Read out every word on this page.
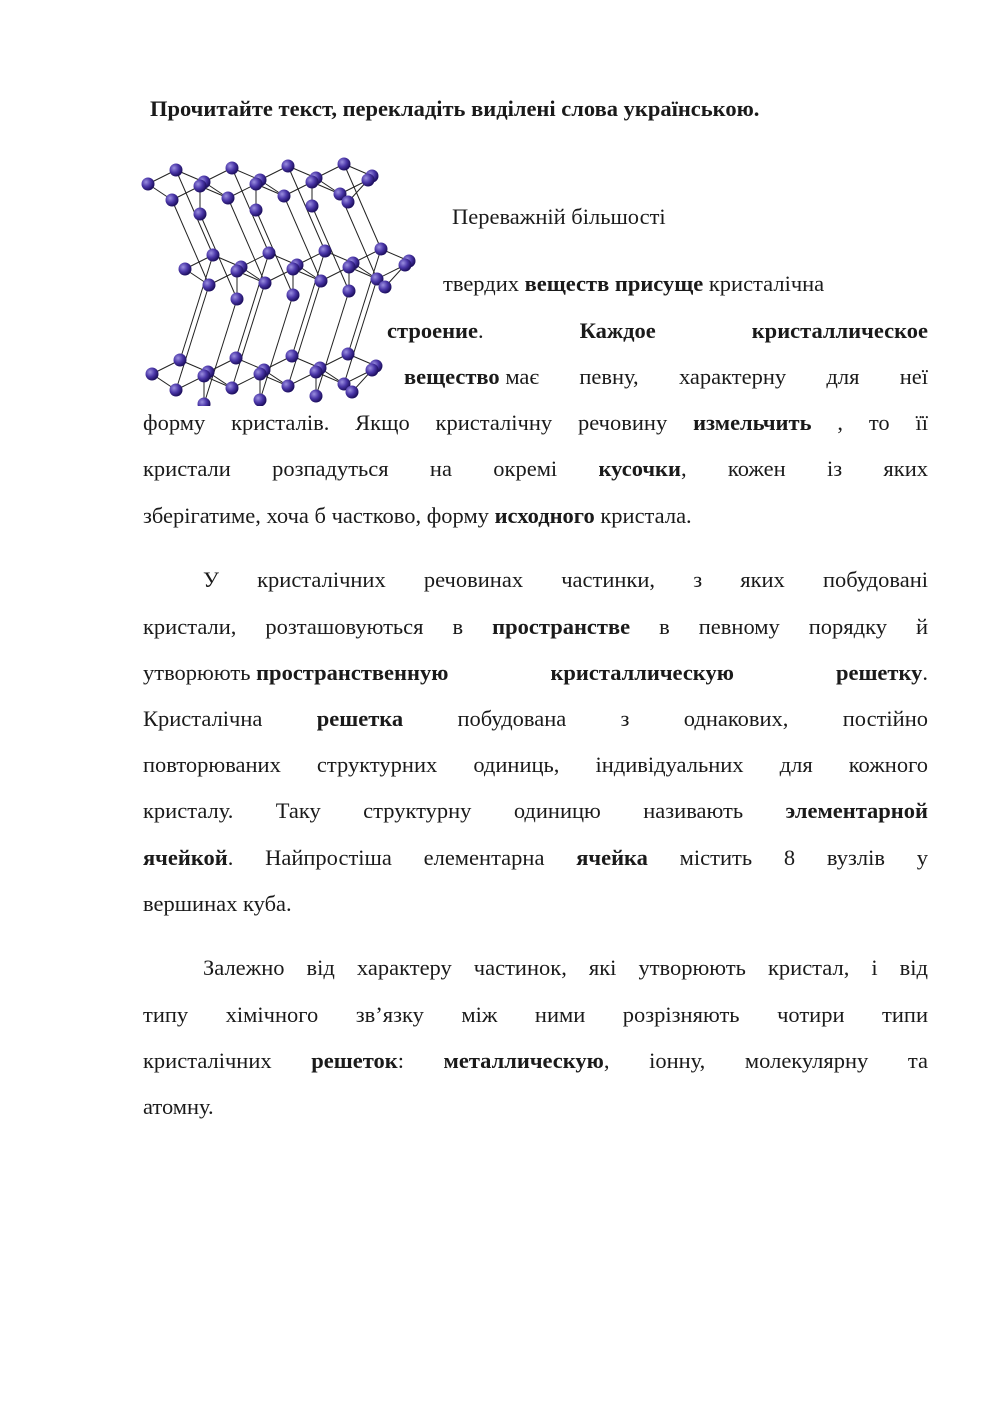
Прочитайте текст, перекладіть виділені слова українською.
Переважній більшості
твердих веществ присуще кристалічна
строение.	Каждое	кристаллическое
вещество має певну, характерну для неї
форму кристалів. Якщо кристалічну речовину измельчить , то її
кристали розпадуться на окремі кусочки, кожен із яких
зберігатиме, хоча б частково, форму исходного кристала.
У кристалічних речовинах частинки, з яких побудовані
кристали, розташовуються в пространстве в певному порядку й
утворюють пространственную	кристаллическую	решетку.
Кристалічна решетка побудована з однакових, постійно
повторюваних структурних одиниць, індивідуальних для кожного
кристалу. Таку структурну одиницю називають элементарной
ячейкой. Найпростіша елементарна ячейка містить 8 вузлів у
вершинах куба.
Залежно від характеру частинок, які утворюють кристал, і від
типу хімічного зв’язку між ними розрізняють чотири типи
кристалічних решеток: металлическую, іонну, молекулярну та
атомну.
